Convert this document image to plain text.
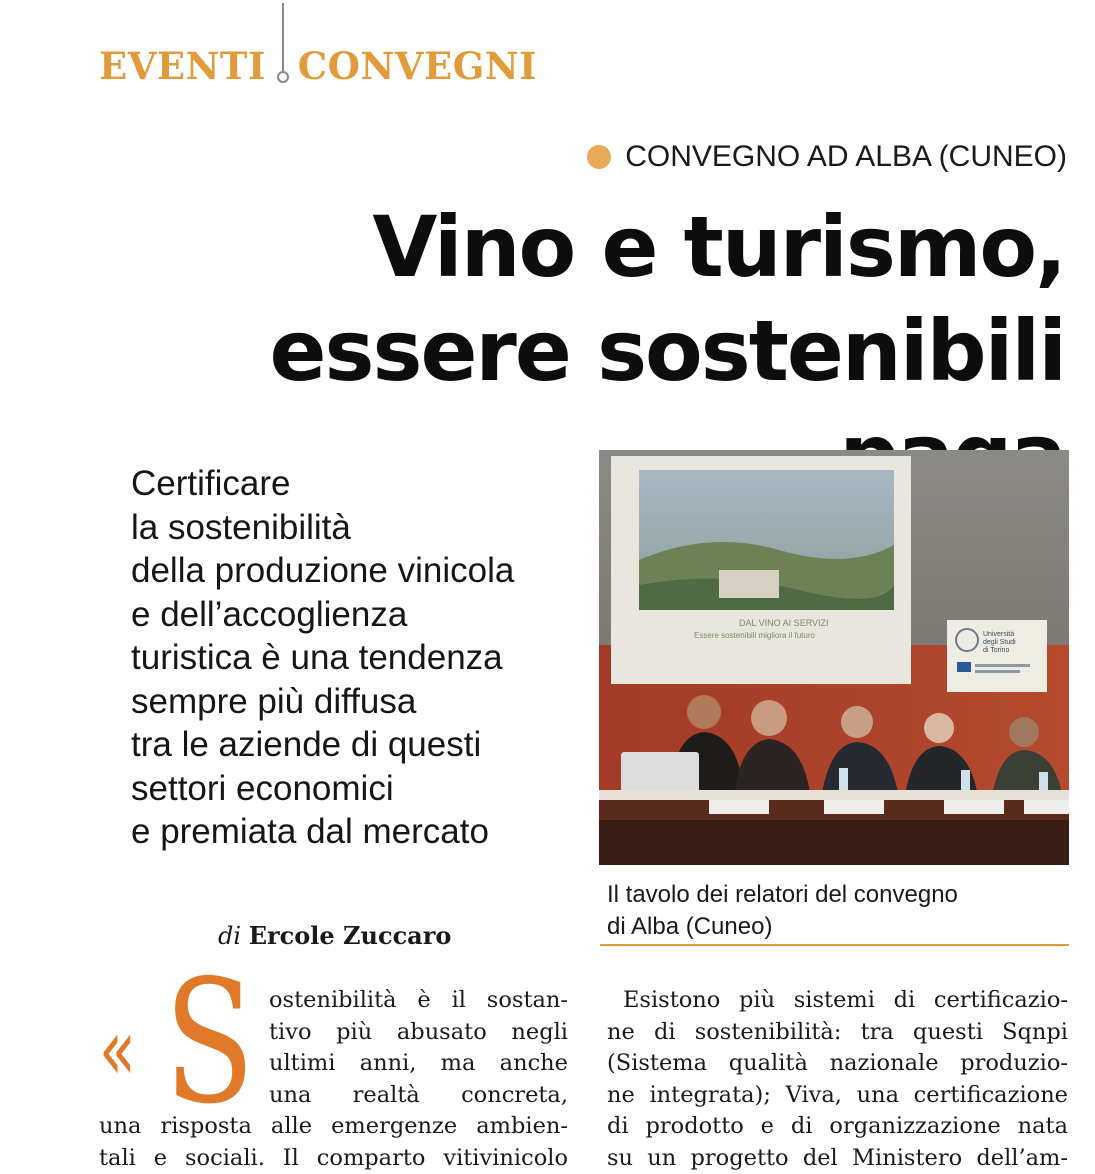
EVENTI CONVEGNI
CONVEGNO AD ALBA (CUNEO)
Vino e turismo,
essere sostenibili
Certificare
la sostenibilità
della produzione vinicola
e dell’accoglienza
turistica è una tendenza
sempre più diffusa
tra le aziende di questi
settori economici
e premiata dal mercato
DAL VINO AI SERVIZI
Essere sostenibili migliora il futuro	Università
degli Studi
di Torino
Il tavolo dei relatori del convegno
di Alba (Cuneo)
di Ercole Zuccaro
« S ostenibilità è il sostan-
tivo più abusato negli
ultimi anni, ma anche
una realtà concreta,
una risposta alle emergenze ambien-
tali e sociali. Il comparto vitivinicolo
Esistono più sistemi di certificazio-
ne di sostenibilità: tra questi Sqnpi
(Sistema qualità nazionale produzio-
ne integrata); Viva, una certificazione
di prodotto e di organizzazione nata
su un progetto del Ministero dell’am-
